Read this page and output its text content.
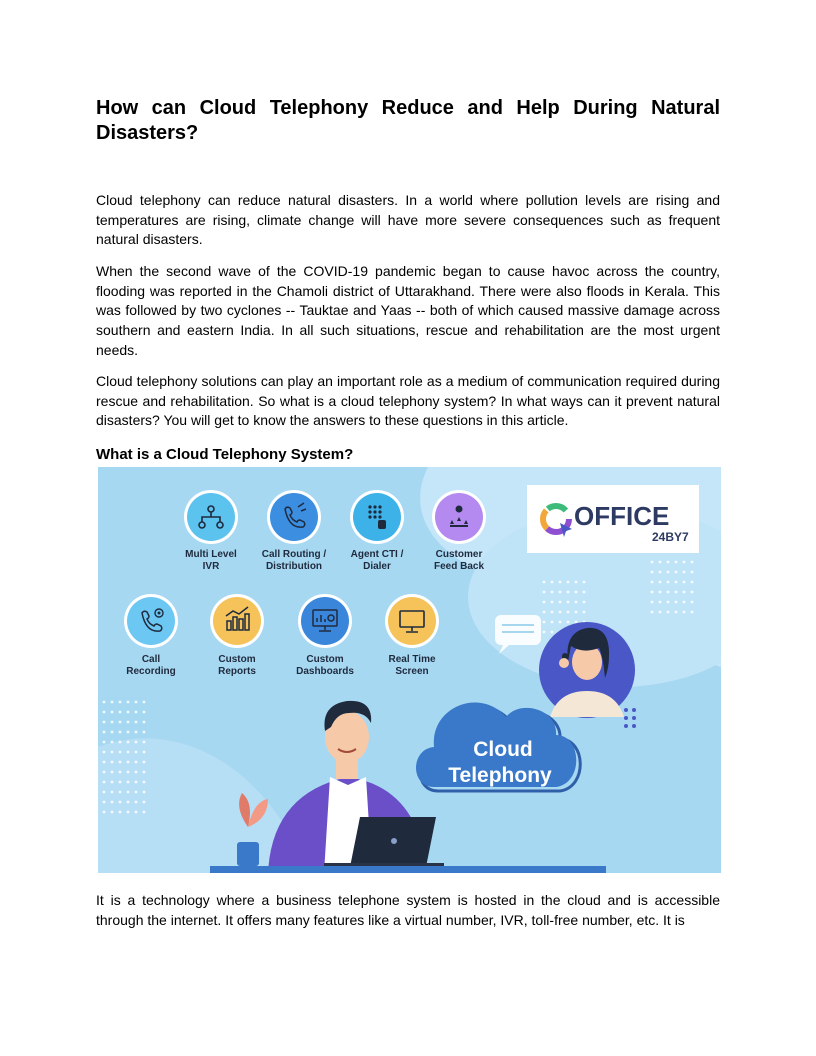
How can Cloud Telephony Reduce and Help During Natural Disasters?

Cloud telephony can reduce natural disasters. In a world where pollution levels are rising and temperatures are rising, climate change will have more severe consequences such as frequent natural disasters.

When the second wave of the COVID-19 pandemic began to cause havoc across the country, flooding was reported in the Chamoli district of Uttarakhand. There were also floods in Kerala. This was followed by two cyclones -- Tauktae and Yaas -- both of which caused massive damage across southern and eastern India. In all such situations, rescue and rehabilitation are the most urgent needs.

Cloud telephony solutions can play an important role as a medium of communication required during rescue and rehabilitation. So what is a cloud telephony system? In what ways can it prevent natural disasters? You will get to know the answers to these questions in this article.

What is a Cloud Telephony System?

It is a technology where a business telephone system is hosted in the cloud and is accessible through the internet. It offers many features like a virtual number, IVR, toll-free number, etc. It is

OFFICE
24BY7
Multi Level
IVR
Call Routing /
Distribution
Agent CTI /
Dialer
Customer
Feed Back
Call
Recording
Custom
Reports
Custom
Dashboards
Real Time
Screen
Cloud
Telephony
